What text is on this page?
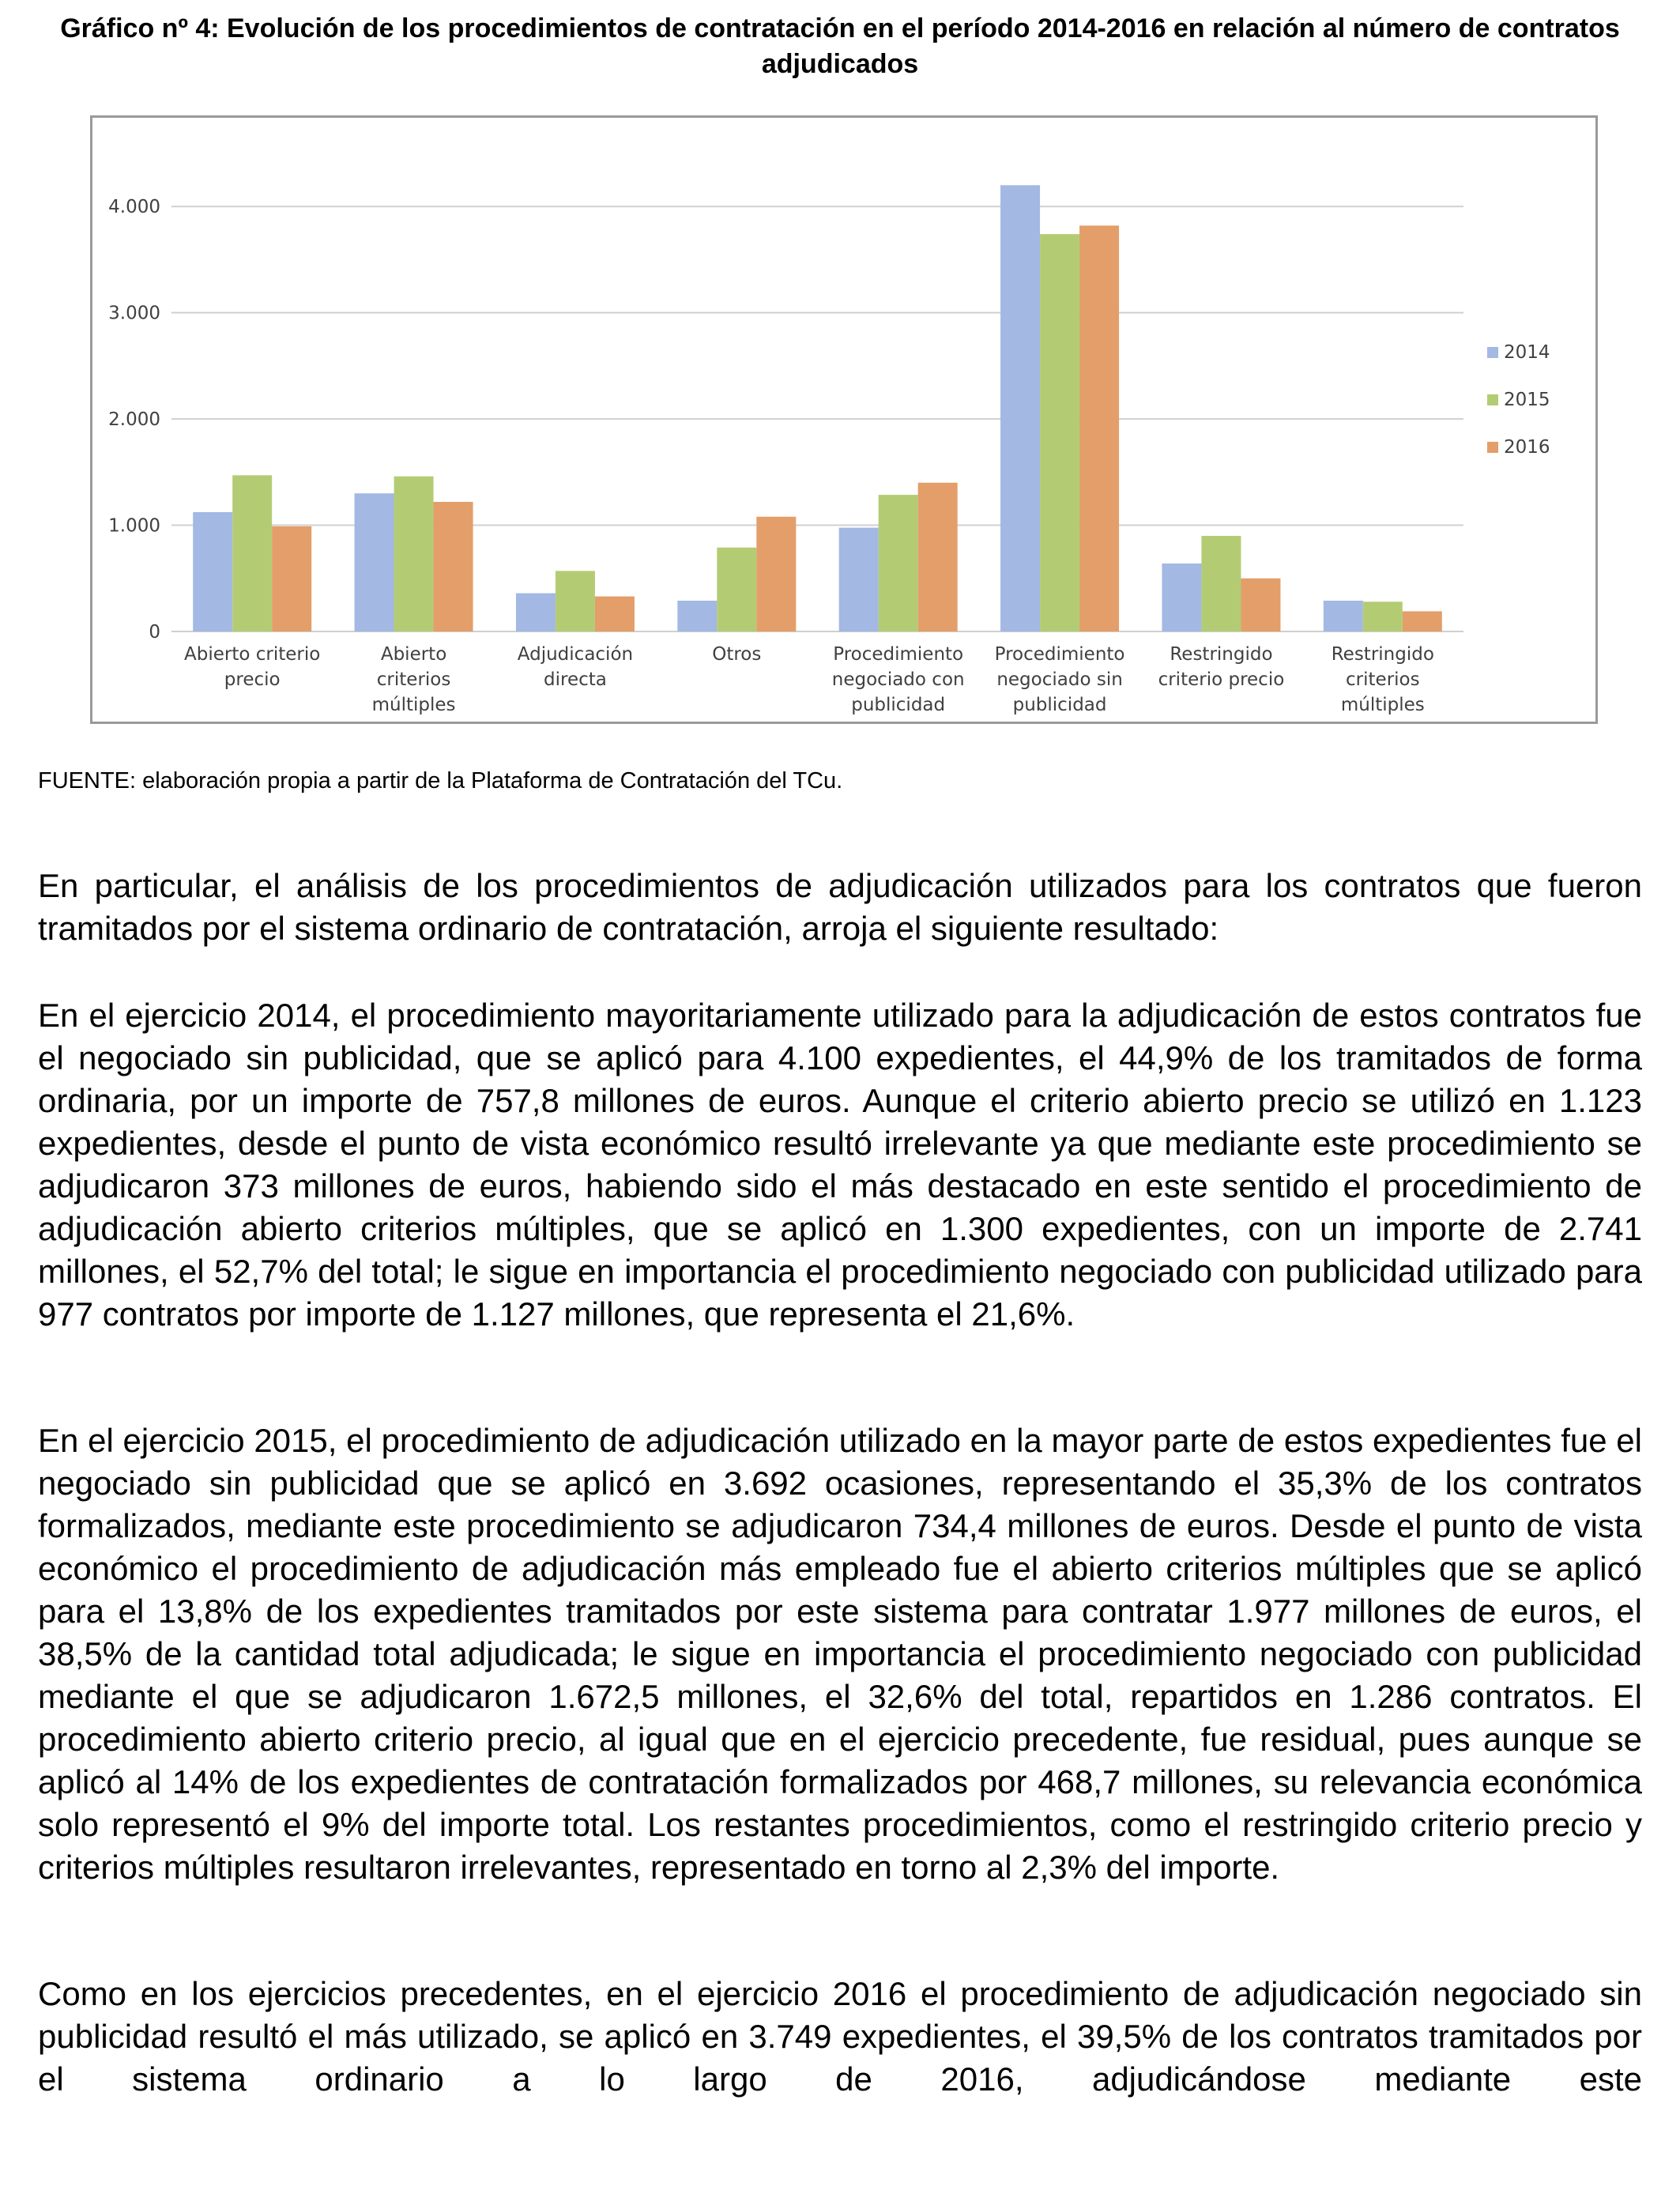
Gráfico nº 4: Evolución de los procedimientos de contratación en el período 2014-2016 en relación al número de contratos adjudicados
0
1.000
2.000
3.000
4.000
Abierto criterio
precio
Abierto
criterios
múltiples
Adjudicación
directa
Otros	Procedimiento
negociado con
publicidad
Procedimiento
negociado sin
publicidad
Restringido
criterio precio
Restringido
criterios
múltiples
2014
2015
2016
FUENTE: elaboración propia a partir de la Plataforma de Contratación del TCu.

En particular, el análisis de los procedimientos de adjudicación utilizados para los contratos que fueron tramitados por el sistema ordinario de contratación, arroja el siguiente resultado:

En el ejercicio 2014, el procedimiento mayoritariamente utilizado para la adjudicación de estos contratos fue el negociado sin publicidad, que se aplicó para 4.100 expedientes, el 44,9% de los tramitados de forma ordinaria, por un importe de 757,8 millones de euros. Aunque el criterio abierto precio se utilizó en 1.123 expedientes, desde el punto de vista económico resultó irrelevante ya que mediante este procedimiento se adjudicaron 373 millones de euros, habiendo sido el más destacado en este sentido el procedimiento de adjudicación abierto criterios múltiples, que se aplicó en 1.300 expedientes, con un importe de 2.741 millones, el 52,7% del total; le sigue en importancia el procedimiento negociado con publicidad utilizado para 977 contratos por importe de 1.127 millones, que representa el 21,6%.

En el ejercicio 2015, el procedimiento de adjudicación utilizado en la mayor parte de estos expedientes fue el negociado sin publicidad que se aplicó en 3.692 ocasiones, representando el 35,3% de los contratos formalizados, mediante este procedimiento se adjudicaron 734,4 millones de euros. Desde el punto de vista económico el procedimiento de adjudicación más empleado fue el abierto criterios múltiples que se aplicó para el 13,8% de los expedientes tramitados por este sistema para contratar 1.977 millones de euros, el 38,5% de la cantidad total adjudicada; le sigue en importancia el procedimiento negociado con publicidad mediante el que se adjudicaron 1.672,5 millones, el 32,6% del total, repartidos en 1.286 contratos. El procedimiento abierto criterio precio, al igual que en el ejercicio precedente, fue residual, pues aunque se aplicó al 14% de los expedientes de contratación formalizados por 468,7 millones, su relevancia económica solo representó el 9% del importe total. Los restantes procedimientos, como el restringido criterio precio y criterios múltiples resultaron irrelevantes, representado en torno al 2,3% del importe.

Como en los ejercicios precedentes, en el ejercicio 2016 el procedimiento de adjudicación negociado sin publicidad resultó el más utilizado, se aplicó en 3.749 expedientes, el 39,5% de los contratos tramitados por el sistema ordinario a lo largo de 2016, adjudicándose mediante este
